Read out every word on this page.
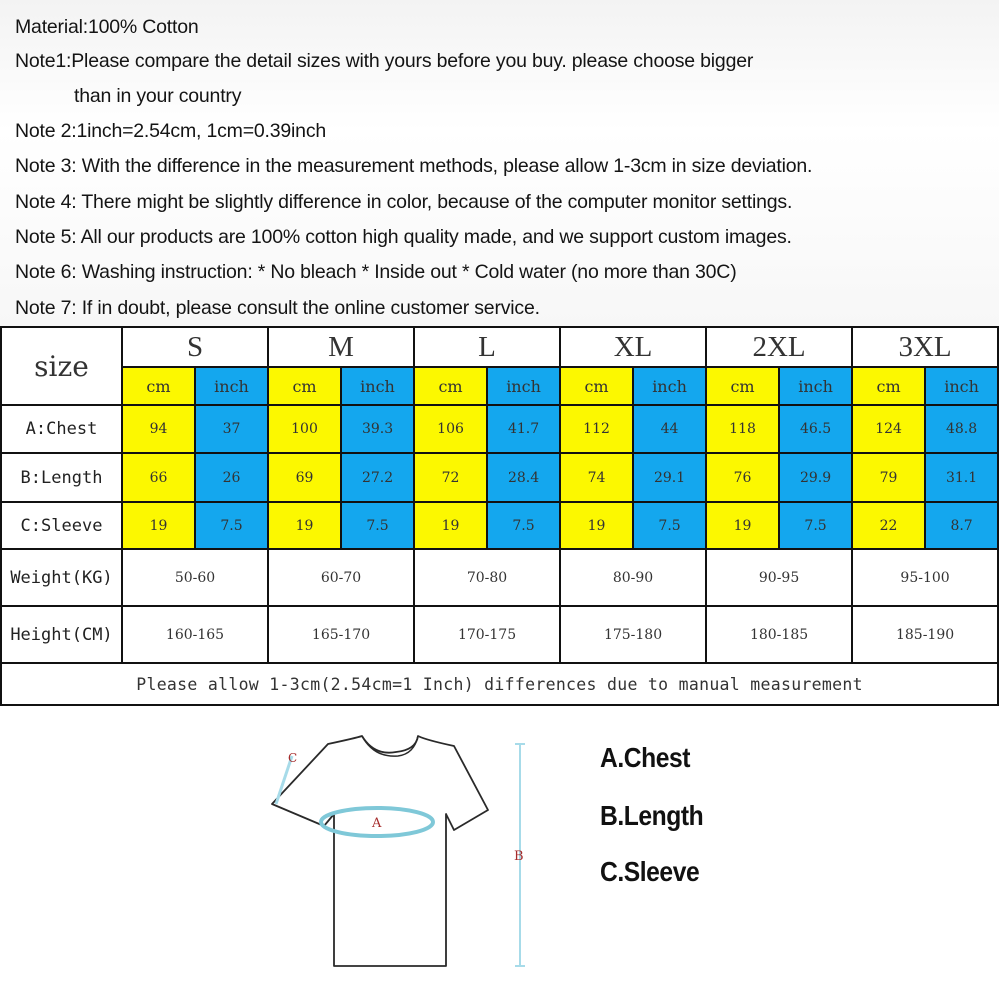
Material:100% Cotton
Note1:Please compare the detail sizes with yours before you buy. please choose bigger
than in your country
Note 2:1inch=2.54cm, 1cm=0.39inch
Note 3: With the difference in the measurement methods, please allow 1-3cm in size deviation.
Note 4: There might be slightly difference in color, because of the computer monitor settings.
Note 5: All our products are 100% cotton high quality made, and we support custom images.
Note 6: Washing instruction: * No bleach * Inside out * Cold water (no more than 30C)
Note 7: If in doubt, please consult the online customer service.
size	S		M		L		XL		2XL		3XL	
	cm	inch	cm	inch	cm	inch	cm	inch	cm	inch	cm	inch
A:Chest	94	37	100	39.3	106	41.7	112	44	118	46.5	124	48.8
B:Length	66	26	69	27.2	72	28.4	74	29.1	76	29.9	79	31.1
C:Sleeve	19	7.5	19	7.5	19	7.5	19	7.5	19	7.5	22	8.7
Weight(KG)	50-60		60-70		70-80		80-90		90-95		95-100	
Height(CM)	160-165		165-170		170-175		175-180		180-185		185-190	
Please allow 1-3cm(2.54cm=1 Inch) differences due to manual measurement												
A
C
B
A.Chest
B.Length
C.Sleeve
